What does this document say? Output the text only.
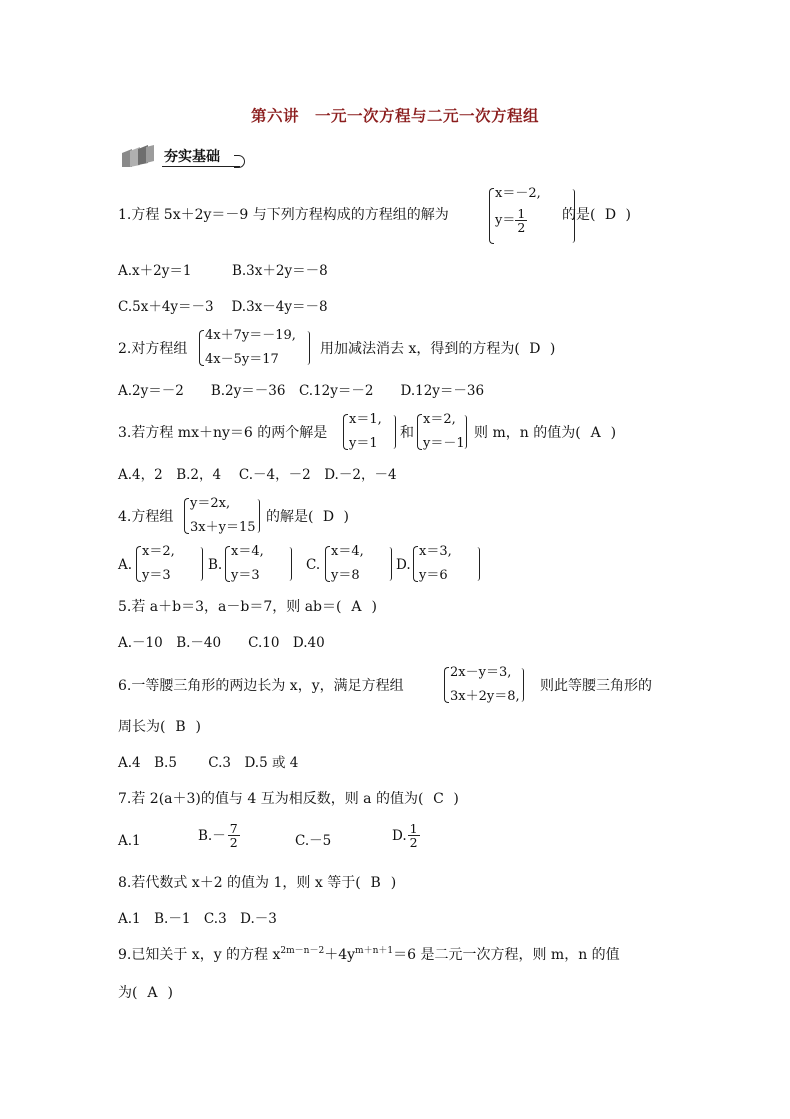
第六讲　一元一次方程与二元一次方程组
夯实基础
1.方程 5x＋2y＝－9 与下列方程构成的方程组的解为
x＝－2,
$y= \frac{1}{2}$ 的是( D )
A.x＋2y＝1　　　B.3x＋2y＝－8
C.5x＋4y＝－3　 D.3x－4y＝－8
2.对方程组
4x＋7y＝－19,
4x－5y＝17
用加减法消去 x，得到的方程为( D )
A.2y＝－2　　B.2y＝－36　C.12y＝－2　　D.12y＝－36
3.若方程 mx＋ny＝6 的两个解是
x＝1,
y＝1
和
x＝2,
y＝－1
则 m，n 的值为( A )
A.4，2　B.2，4　 C.－4，－2　D.－2，－4
4.方程组
y＝2x,
3x＋y＝15
的解是( D )
A.
x＝2,
y＝3
B.
x＝4,
y＝3
C.
x＝4,
y＝8
D.
x＝3,
y＝6
5.若 a＋b＝3，a－b＝7，则 ab＝( A )
A.－10　B.－40　　C.10　D.40
6.一等腰三角形的两边长为 x，y，满足方程组
2x－y＝3,
3x＋2y＝8,
则此等腰三角形的
周长为( B )
A.4　B.5　　 C.3　D.5 或 4
7.若 2(a＋3)的值与 4 互为相反数，则 a 的值为( C )
A.1	$B.- \frac{7}{2}$	C.－5	D. $\frac{1}{2}$
8.若代数式 x＋2 的值为 1，则 x 等于( B )
A.1　B.－1　C.3　D.－3
9.已知关于 x，y 的方程 $x^{2m-n-2}+4y^{m+n+1}=6$ 是二元一次方程，则 m，n 的值
为( A )
